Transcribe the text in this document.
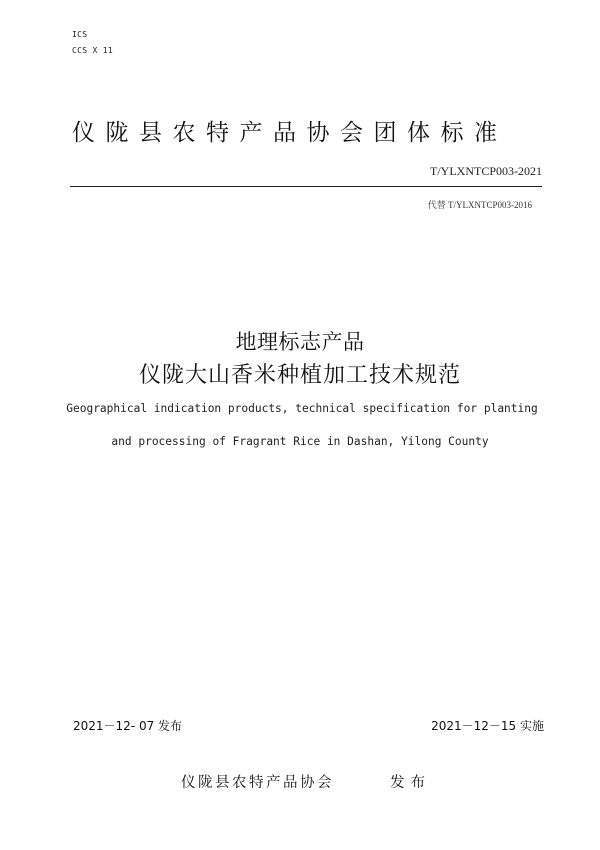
ICS
CCS X 11
仪陇县农特产品协会团体标准
T/YLXNTCP003-2021
代替 T/YLXNTCP003-2016
地理标志产品
仪陇大山香米种植加工技术规范
Geographical indication products, technical specification for planting
and processing of Fragrant Rice in Dashan, Yilong County
2021－12- 07 发布	2021－12－15 实施
仪陇县农特产品协会	发布
